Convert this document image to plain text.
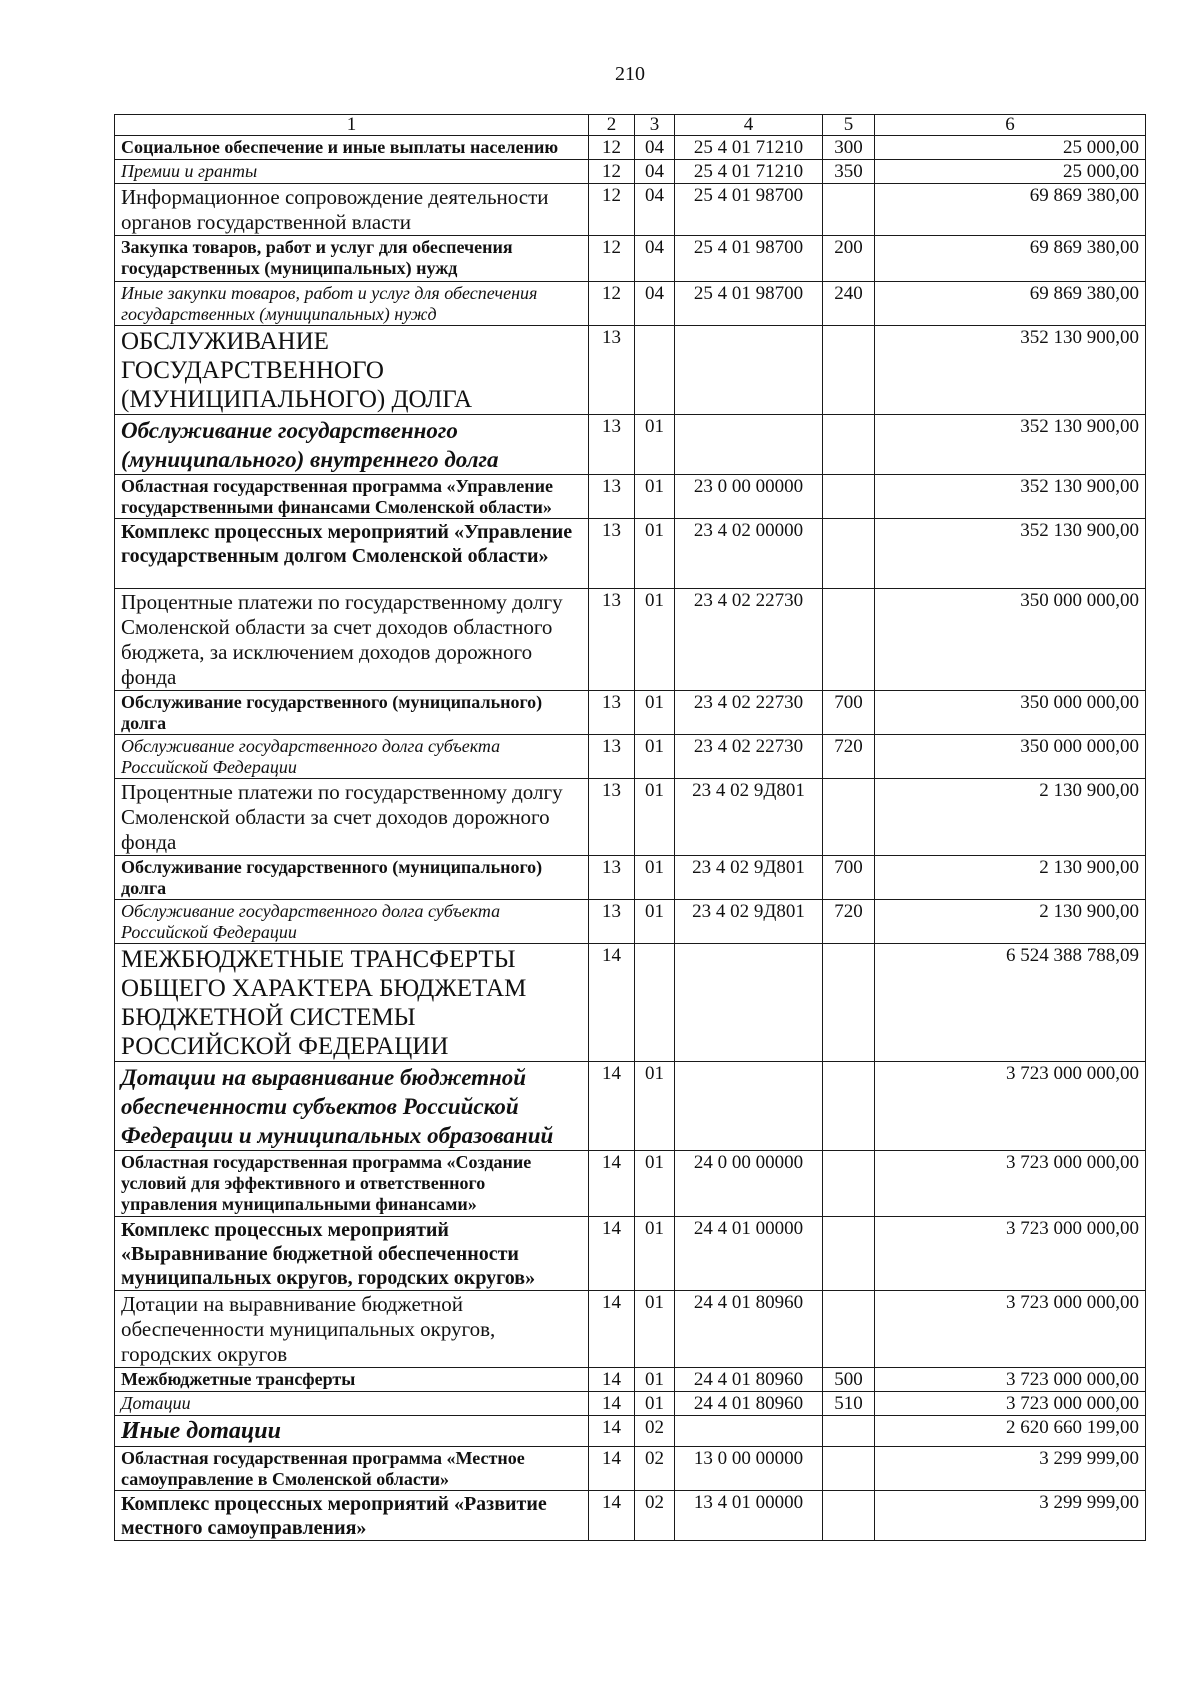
210
1	2	3	4	5	6
Социальное обеспечение и иные выплаты населению	12	04	25 4 01 71210	300	25 000,00
Премии и гранты	12	04	25 4 01 71210	350	25 000,00
Информационное сопровождение деятельности органов государственной власти	12	04	25 4 01 98700		69 869 380,00
Закупка товаров, работ и услуг для обеспечения государственных (муниципальных) нужд	12	04	25 4 01 98700	200	69 869 380,00
Иные закупки товаров, работ и услуг для обеспечения государственных (муниципальных) нужд	12	04	25 4 01 98700	240	69 869 380,00
ОБСЛУЖИВАНИЕ ГОСУДАРСТВЕННОГО (МУНИЦИПАЛЬНОГО) ДОЛГА	13				352 130 900,00
Обслуживание государственного (муниципального) внутреннего долга	13	01			352 130 900,00
Областная государственная программа «Управление государственными финансами Смоленской области»	13	01	23 0 00 00000		352 130 900,00
Комплекс процессных мероприятий «Управление государственным долгом Смоленской области»	13	01	23 4 02 00000		352 130 900,00
Процентные платежи по государственному долгу Смоленской области за счет доходов областного бюджета, за исключением доходов дорожного фонда	13	01	23 4 02 22730		350 000 000,00
Обслуживание государственного (муниципального) долга	13	01	23 4 02 22730	700	350 000 000,00
Обслуживание государственного долга субъекта Российской Федерации	13	01	23 4 02 22730	720	350 000 000,00
Процентные платежи по государственному долгу Смоленской области за счет доходов дорожного фонда	13	01	23 4 02 9Д801		2 130 900,00
Обслуживание государственного (муниципального) долга	13	01	23 4 02 9Д801	700	2 130 900,00
Обслуживание государственного долга субъекта Российской Федерации	13	01	23 4 02 9Д801	720	2 130 900,00
МЕЖБЮДЖЕТНЫЕ ТРАНСФЕРТЫ ОБЩЕГО ХАРАКТЕРА БЮДЖЕТАМ БЮДЖЕТНОЙ СИСТЕМЫ РОССИЙСКОЙ ФЕДЕРАЦИИ	14				6 524 388 788,09
Дотации на выравнивание бюджетной обеспеченности субъектов Российской Федерации и муниципальных образований	14	01			3 723 000 000,00
Областная государственная программа «Создание условий для эффективного и ответственного управления муниципальными финансами»	14	01	24 0 00 00000		3 723 000 000,00
Комплекс процессных мероприятий «Выравнивание бюджетной обеспеченности муниципальных округов, городских округов»	14	01	24 4 01 00000		3 723 000 000,00
Дотации на выравнивание бюджетной обеспеченности муниципальных округов, городских округов	14	01	24 4 01 80960		3 723 000 000,00
Межбюджетные трансферты	14	01	24 4 01 80960	500	3 723 000 000,00
Дотации	14	01	24 4 01 80960	510	3 723 000 000,00
Иные дотации	14	02			2 620 660 199,00
Областная государственная программа «Местное самоуправление в Смоленской области»	14	02	13 0 00 00000		3 299 999,00
Комплекс процессных мероприятий «Развитие местного самоуправления»	14	02	13 4 01 00000		3 299 999,00
